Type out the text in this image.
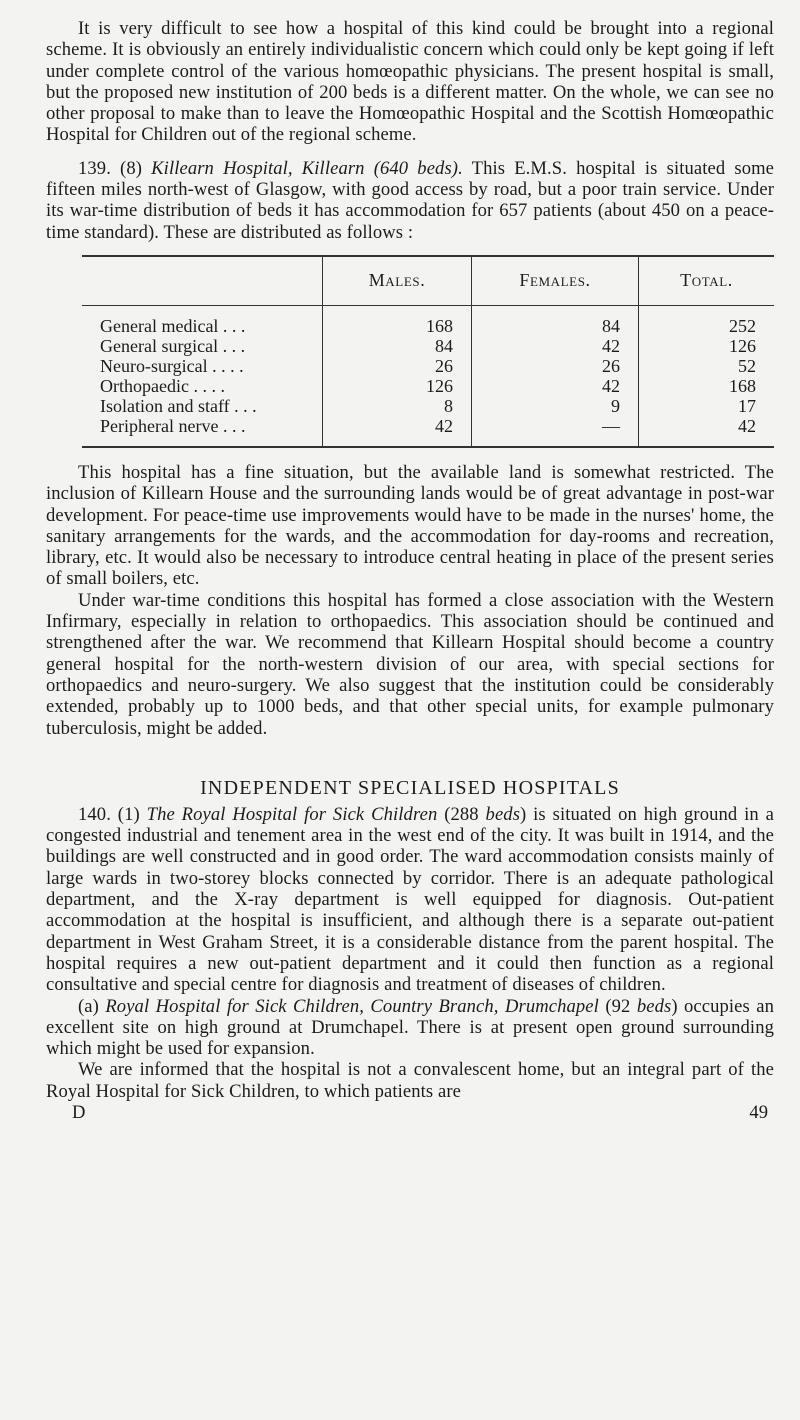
It is very difficult to see how a hospital of this kind could be brought into a regional scheme. It is obviously an entirely individualistic concern which could only be kept going if left under complete control of the various homœopathic physicians. The present hospital is small, but the proposed new institution of 200 beds is a different matter. On the whole, we can see no other proposal to make than to leave the Homœopathic Hospital and the Scottish Homœopathic Hospital for Children out of the regional scheme.

139. (8) Killearn Hospital, Killearn (640 beds). This E.M.S. hospital is situated some fifteen miles north-west of Glasgow, with good access by road, but a poor train service. Under its war-time distribution of beds it has accommodation for 657 patients (about 450 on a peace-time standard). These are distributed as follows :

	Males.	Females.	Total.
General medical . . .	168	84	252
General surgical . . .	84	42	126
Neuro-surgical . . . .	26	26	52
Orthopaedic . . . .	126	42	168
Isolation and staff . . .	8	9	17
Peripheral nerve . . .	42	—	42

This hospital has a fine situation, but the available land is somewhat restricted. The inclusion of Killearn House and the surrounding lands would be of great advantage in post-war development. For peace-time use improvements would have to be made in the nurses' home, the sanitary arrangements for the wards, and the accommodation for day-rooms and recreation, library, etc. It would also be necessary to introduce central heating in place of the present series of small boilers, etc.

Under war-time conditions this hospital has formed a close association with the Western Infirmary, especially in relation to orthopaedics. This association should be continued and strengthened after the war. We recommend that Killearn Hospital should become a country general hospital for the north-western division of our area, with special sections for orthopaedics and neuro-surgery. We also suggest that the institution could be considerably extended, probably up to 1000 beds, and that other special units, for example pulmonary tuberculosis, might be added.

INDEPENDENT SPECIALISED HOSPITALS

140. (1) The Royal Hospital for Sick Children (288 beds) is situated on high ground in a congested industrial and tenement area in the west end of the city. It was built in 1914, and the buildings are well constructed and in good order. The ward accommodation consists mainly of large wards in two-storey blocks connected by corridor. There is an adequate pathological department, and the X-ray department is well equipped for diagnosis. Out-patient accommodation at the hospital is insufficient, and although there is a separate out-patient department in West Graham Street, it is a considerable distance from the parent hospital. The hospital requires a new out-patient department and it could then function as a regional consultative and special centre for diagnosis and treatment of diseases of children.

(a) Royal Hospital for Sick Children, Country Branch, Drumchapel (92 beds) occupies an excellent site on high ground at Drumchapel. There is at present open ground surrounding which might be used for expansion.

We are informed that the hospital is not a convalescent home, but an integral part of the Royal Hospital for Sick Children, to which patients are

D	49
